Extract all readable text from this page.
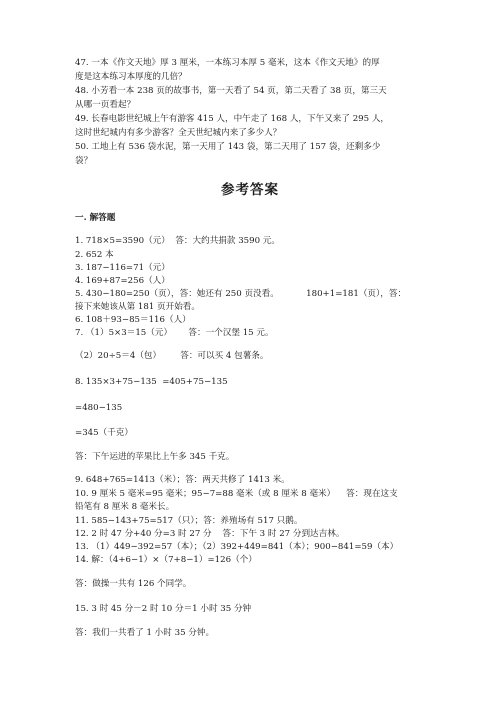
47. 一本《作文天地》厚 3 厘米，一本练习本厚 5 毫米，这本《作文天地》的厚
度是这本练习本厚度的几倍？
48. 小芳看一本 238 页的故事书，第一天看了 54 页，第二天看了 38 页，第三天
从哪一页看起？
49. 长春电影世纪城上午有游客 415 人，中午走了 168 人，下午又来了 295 人，
这时世纪城内有多少游客？全天世纪城内来了多少人？
50. 工地上有 536 袋水泥，第一天用了 143 袋，第二天用了 157 袋，还剩多少
袋？
参考答案
一. 解答题
1. 718×5=3590（元）  答：大约共捐款 3590 元。
2. 652 本
3. 187−116=71（元）
4. 169+87=256（人）
5. 430−180=250（页），答：她还有 250 页没看。          180+1=181（页），答：
接下来她该从第 181 页开始看。
6. 108＋93−85＝116（人）
7. （1）5×3＝15（元）      答：一个汉堡 15 元。
（2）20÷5＝4（包）       答：可以买 4 包薯条。
8. 135×3+75−135  =405+75−135
=480−135
=345（千克）
答：下午运进的苹果比上午多 345 千克。
9. 648+765=1413（米）；答：两天共修了 1413 米。
10. 9 厘米 5 毫米=95 毫米；95−7=88 毫米（或 8 厘米 8 毫米）    答：现在这支
铅笔有 8 厘米 8 毫米长。
11. 585−143+75=517（只）；答：养殖场有 517 只鹅。
12. 2 时 47 分+40 分=3 时 27 分    答：下午 3 时 27 分到达吉林。
13. （1）449−392=57（本）；（2）392+449=841（本）；900−841=59（本）
14. 解：（4+6−1）×（7+8−1）=126（个）
答：做操一共有 126 个同学。
15. 3 时 45 分－2 时 10 分＝1 小时 35 分钟
答：我们一共看了 1 小时 35 分钟。
